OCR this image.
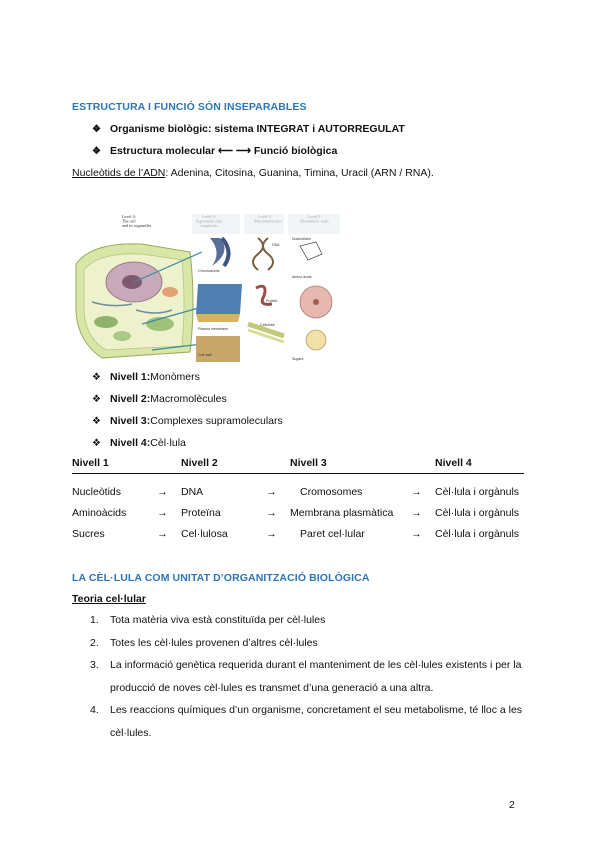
ESTRUCTURA I FUNCIÓ SÓN INSEPARABLES
❖ Organisme biològic: sistema INTEGRAT i AUTORREGULAT
❖ Estructura molecular ⟵ ⟶ Funció biològica
Nucleòtids de l’ADN: Adenina, Citosina, Guanina, Timina, Uracil (ARN / RNA).
Level 4: The cell and its organelles
Chromosome
Plasma membrane
Cell wall
DNA
Protein
Cellulose
Nucleotides
Amino acids
Sugars
❖ Nivell 1: Monòmers
❖ Nivell 2: Macromolècules
❖ Nivell 3: Complexes supramoleculars
❖ Nivell 4: Cèl·lula
Nivell 1		Nivell 2		Nivell 3		Nivell 4
Nucleòtids	→	DNA	→	Cromosomes	→	Cèl·lula i orgànuls
Aminoàcids	→	Proteïna	→	Membrana plasmàtica	→	Cèl·lula i orgànuls
Sucres	→	Cel·lulosa	→	Paret cel·lular	→	Cèl·lula i orgànuls
LA CÈL·LULA COM UNITAT D’ORGANITZACIÓ BIOLÒGICA
Teoria cel·lular
1. Tota matèria viva està constituïda per cèl·lules
2. Totes les cèl·lules provenen d’altres cèl·lules
3. La informació genètica requerida durant el manteniment de les cèl·lules existents i per la producció de noves cèl·lules es transmet d’una generació a una altra.
4. Les reaccions químiques d’un organisme, concretament el seu metabolisme, té lloc a les cèl·lules.
2
